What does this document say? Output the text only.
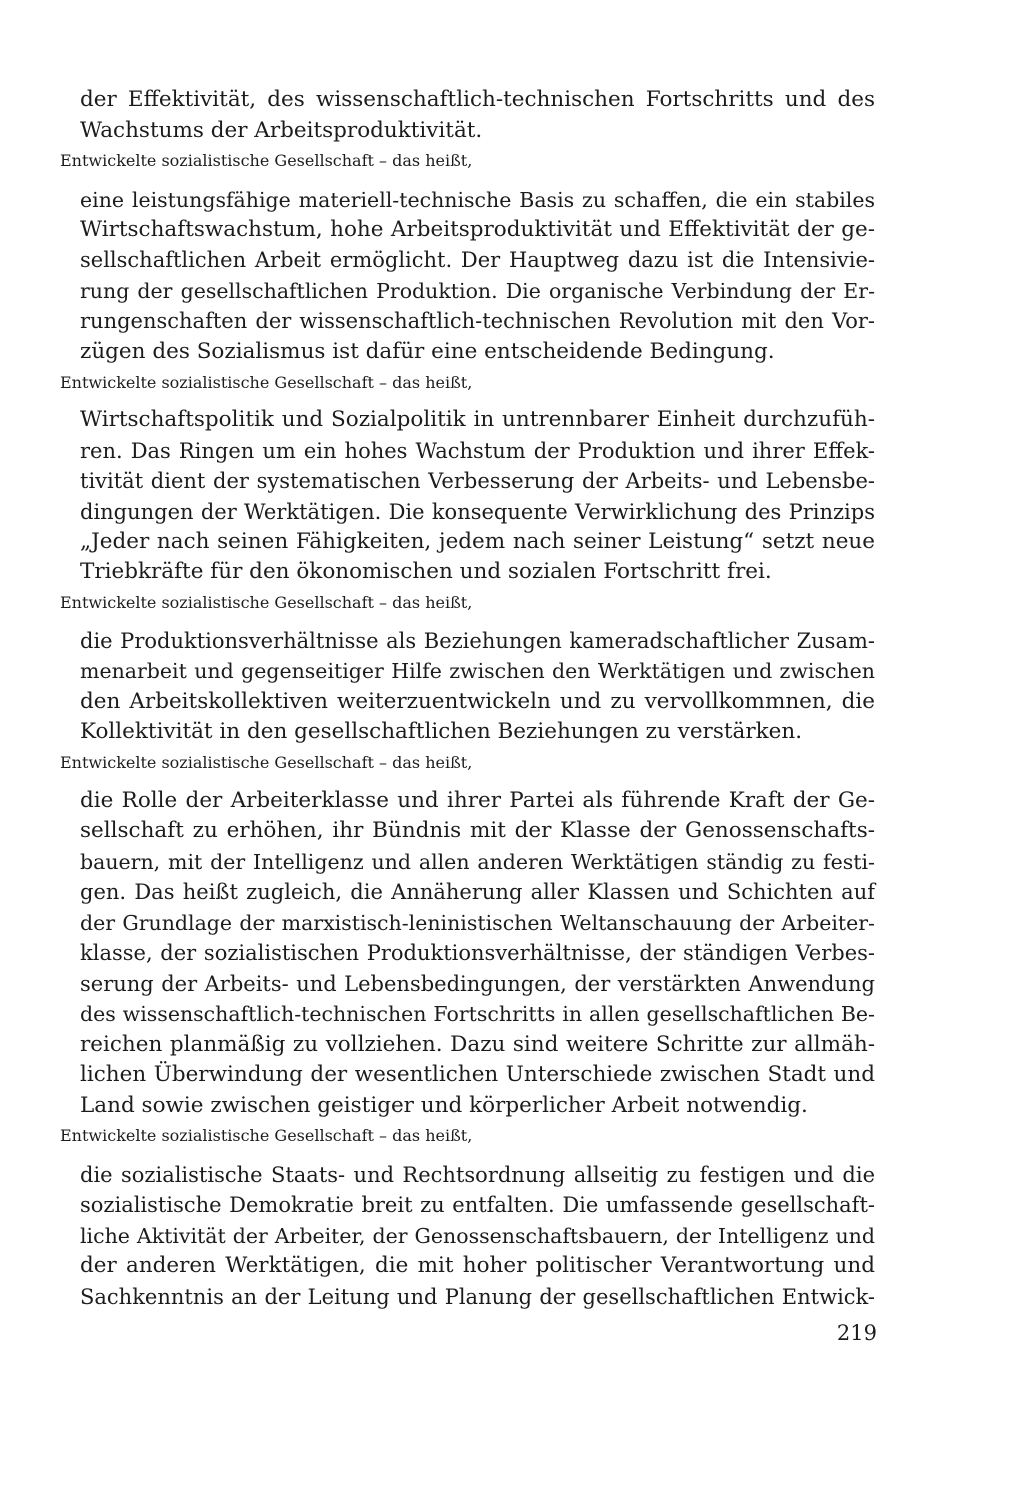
der Effektivität, des wissenschaftlich-technischen Fortschritts und des
Wachstums der Arbeitsproduktivität.
Entwickelte sozialistische Gesellschaft – das heißt,
eine leistungsfähige materiell-technische Basis zu schaffen, die ein stabiles
Wirtschaftswachstum, hohe Arbeitsproduktivität und Effektivität der ge-
sellschaftlichen Arbeit ermöglicht. Der Hauptweg dazu ist die Intensivie-
rung der gesellschaftlichen Produktion. Die organische Verbindung der Er-
rungenschaften der wissenschaftlich-technischen Revolution mit den Vor-
zügen des Sozialismus ist dafür eine entscheidende Bedingung.
Entwickelte sozialistische Gesellschaft – das heißt,
Wirtschaftspolitik und Sozialpolitik in untrennbarer Einheit durchzufüh-
ren. Das Ringen um ein hohes Wachstum der Produktion und ihrer Effek-
tivität dient der systematischen Verbesserung der Arbeits- und Lebensbe-
dingungen der Werktätigen. Die konsequente Verwirklichung des Prinzips
„Jeder nach seinen Fähigkeiten, jedem nach seiner Leistung“ setzt neue
Triebkräfte für den ökonomischen und sozialen Fortschritt frei.
Entwickelte sozialistische Gesellschaft – das heißt,
die Produktionsverhältnisse als Beziehungen kameradschaftlicher Zusam-
menarbeit und gegenseitiger Hilfe zwischen den Werktätigen und zwischen
den Arbeitskollektiven weiterzuentwickeln und zu vervollkommnen, die
Kollektivität in den gesellschaftlichen Beziehungen zu verstärken.
Entwickelte sozialistische Gesellschaft – das heißt,
die Rolle der Arbeiterklasse und ihrer Partei als führende Kraft der Ge-
sellschaft zu erhöhen, ihr Bündnis mit der Klasse der Genossenschafts-
bauern, mit der Intelligenz und allen anderen Werktätigen ständig zu festi-
gen. Das heißt zugleich, die Annäherung aller Klassen und Schichten auf
der Grundlage der marxistisch-leninistischen Weltanschauung der Arbeiter-
klasse, der sozialistischen Produktionsverhältnisse, der ständigen Verbes-
serung der Arbeits- und Lebensbedingungen, der verstärkten Anwendung
des wissenschaftlich-technischen Fortschritts in allen gesellschaftlichen Be-
reichen planmäßig zu vollziehen. Dazu sind weitere Schritte zur allmäh-
lichen Überwindung der wesentlichen Unterschiede zwischen Stadt und
Land sowie zwischen geistiger und körperlicher Arbeit notwendig.
Entwickelte sozialistische Gesellschaft – das heißt,
die sozialistische Staats- und Rechtsordnung allseitig zu festigen und die
sozialistische Demokratie breit zu entfalten. Die umfassende gesellschaft-
liche Aktivität der Arbeiter, der Genossenschaftsbauern, der Intelligenz und
der anderen Werktätigen, die mit hoher politischer Verantwortung und
Sachkenntnis an der Leitung und Planung der gesellschaftlichen Entwick-
219
